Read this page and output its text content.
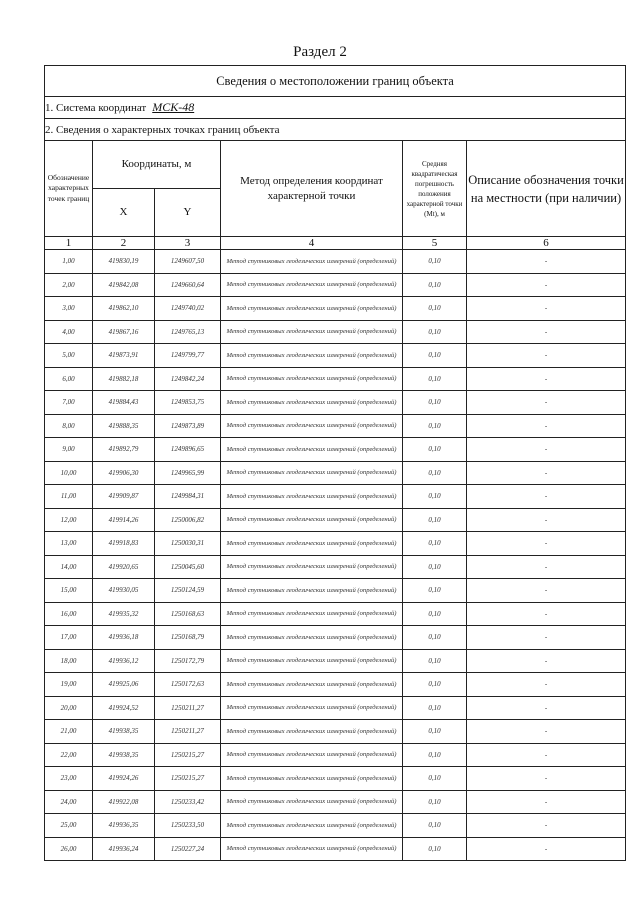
Раздел 2
Сведения о местоположении границ объекта					
1. Система координат МСК-48					
2. Сведения о характерных точках границ объекта					
Обозначение характерных точек границ	Координаты, м		Метод определения координат характерной точки	Средняя квадратическая погрешность положения характерной точки (Mt), м	Описание обозначения точки на местности (при наличии)
	X	Y			
1	2	3	4	5	6
1,00	419830,19	1249607,50	Метод спутниковых геодезических измерений (определений)	0,10	-
2,00	419842,08	1249660,64	Метод спутниковых геодезических измерений (определений)	0,10	-
3,00	419862,10	1249740,02	Метод спутниковых геодезических измерений (определений)	0,10	-
4,00	419867,16	1249765,13	Метод спутниковых геодезических измерений (определений)	0,10	-
5,00	419873,91	1249799,77	Метод спутниковых геодезических измерений (определений)	0,10	-
6,00	419882,18	1249842,24	Метод спутниковых геодезических измерений (определений)	0,10	-
7,00	419884,43	1249853,75	Метод спутниковых геодезических измерений (определений)	0,10	-
8,00	419888,35	1249873,89	Метод спутниковых геодезических измерений (определений)	0,10	-
9,00	419892,79	1249896,65	Метод спутниковых геодезических измерений (определений)	0,10	-
10,00	419906,30	1249965,99	Метод спутниковых геодезических измерений (определений)	0,10	-
11,00	419909,87	1249984,31	Метод спутниковых геодезических измерений (определений)	0,10	-
12,00	419914,26	1250006,82	Метод спутниковых геодезических измерений (определений)	0,10	-
13,00	419918,83	1250030,31	Метод спутниковых геодезических измерений (определений)	0,10	-
14,00	419920,65	1250045,60	Метод спутниковых геодезических измерений (определений)	0,10	-
15,00	419930,05	1250124,59	Метод спутниковых геодезических измерений (определений)	0,10	-
16,00	419935,32	1250168,63	Метод спутниковых геодезических измерений (определений)	0,10	-
17,00	419936,18	1250168,79	Метод спутниковых геодезических измерений (определений)	0,10	-
18,00	419936,12	1250172,79	Метод спутниковых геодезических измерений (определений)	0,10	-
19,00	419925,06	1250172,63	Метод спутниковых геодезических измерений (определений)	0,10	-
20,00	419924,52	1250211,27	Метод спутниковых геодезических измерений (определений)	0,10	-
21,00	419938,35	1250211,27	Метод спутниковых геодезических измерений (определений)	0,10	-
22,00	419938,35	1250215,27	Метод спутниковых геодезических измерений (определений)	0,10	-
23,00	419924,26	1250215,27	Метод спутниковых геодезических измерений (определений)	0,10	-
24,00	419922,08	1250233,42	Метод спутниковых геодезических измерений (определений)	0,10	-
25,00	419936,35	1250233,50	Метод спутниковых геодезических измерений (определений)	0,10	-
26,00	419936,24	1250227,24	Метод спутниковых геодезических измерений (определений)	0,10	-
